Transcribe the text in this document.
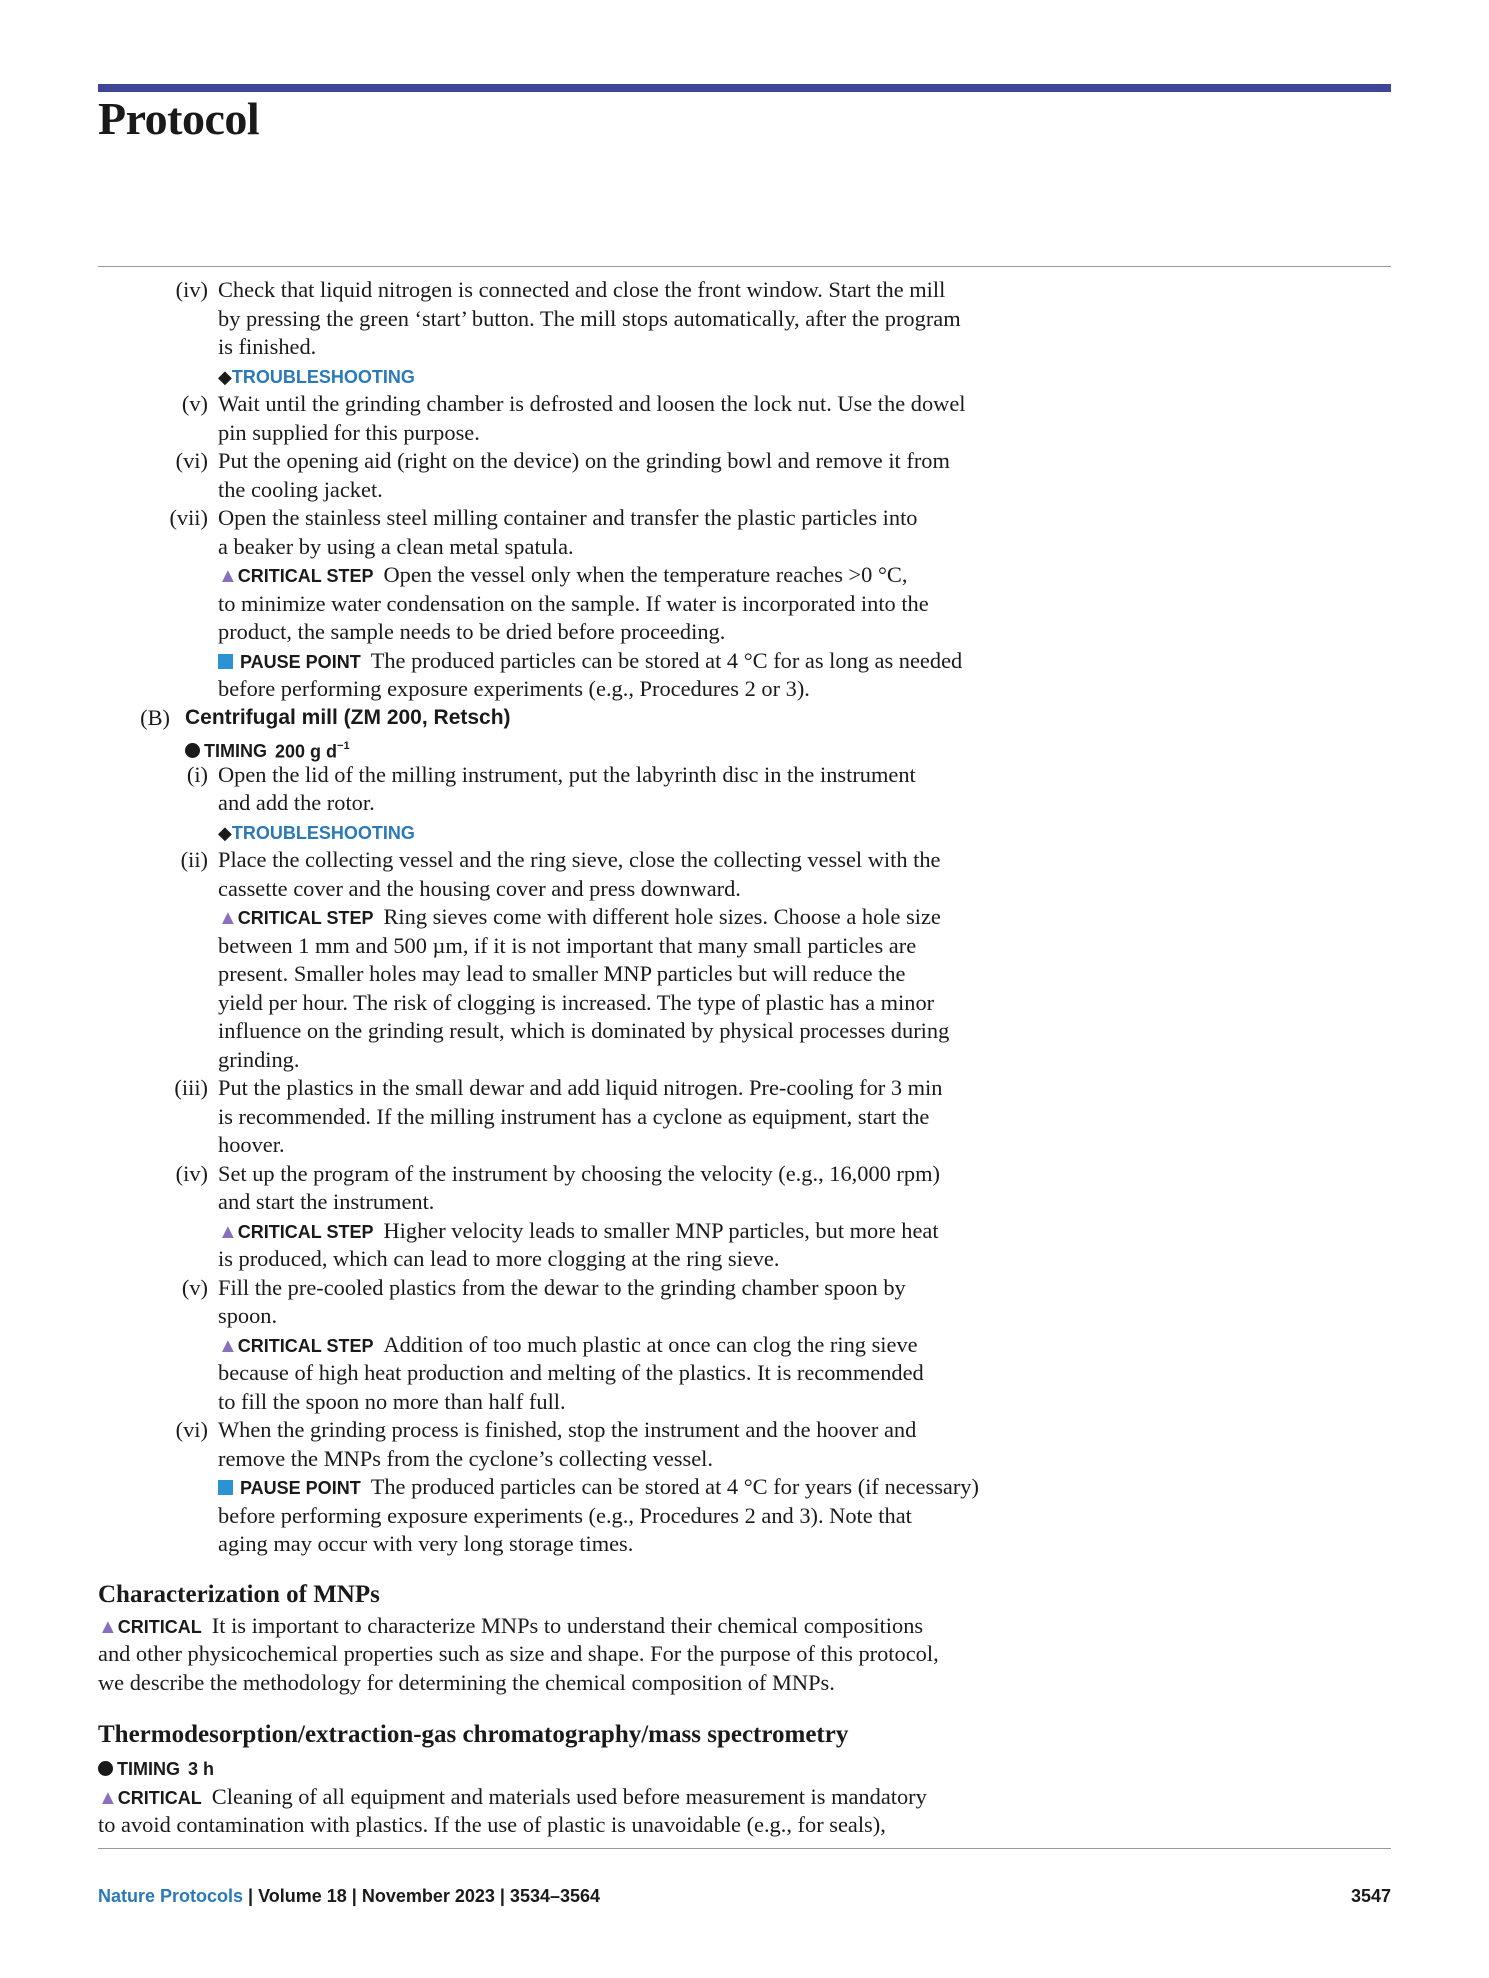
Protocol
(iv) Check that liquid nitrogen is connected and close the front window. Start the mill
by pressing the green ‘start’ button. The mill stops automatically, after the program
is finished.
◆TROUBLESHOOTING
(v) Wait until the grinding chamber is defrosted and loosen the lock nut. Use the dowel
pin supplied for this purpose.
(vi) Put the opening aid (right on the device) on the grinding bowl and remove it from
the cooling jacket.
(vii) Open the stainless steel milling container and transfer the plastic particles into
a beaker by using a clean metal spatula.
▲CRITICAL STEP Open the vessel only when the temperature reaches >0 °C,
to minimize water condensation on the sample. If water is incorporated into the
product, the sample needs to be dried before proceeding.
PAUSE POINT The produced particles can be stored at 4 °C for as long as needed
before performing exposure experiments (e.g., Procedures 2 or 3).
(B) Centrifugal mill (ZM 200, Retsch)
TIMING 200 g $d^{-1}$
(i) Open the lid of the milling instrument, put the labyrinth disc in the instrument
and add the rotor.
◆TROUBLESHOOTING
(ii) Place the collecting vessel and the ring sieve, close the collecting vessel with the
cassette cover and the housing cover and press downward.
▲CRITICAL STEP Ring sieves come with different hole sizes. Choose a hole size
between 1 mm and 500 µm, if it is not important that many small particles are
present. Smaller holes may lead to smaller MNP particles but will reduce the
yield per hour. The risk of clogging is increased. The type of plastic has a minor
influence on the grinding result, which is dominated by physical processes during
grinding.
(iii) Put the plastics in the small dewar and add liquid nitrogen. Pre-cooling for 3 min
is recommended. If the milling instrument has a cyclone as equipment, start the
hoover.
(iv) Set up the program of the instrument by choosing the velocity (e.g., 16,000 rpm)
and start the instrument.
▲CRITICAL STEP Higher velocity leads to smaller MNP particles, but more heat
is produced, which can lead to more clogging at the ring sieve.
(v) Fill the pre-cooled plastics from the dewar to the grinding chamber spoon by
spoon.
▲CRITICAL STEP Addition of too much plastic at once can clog the ring sieve
because of high heat production and melting of the plastics. It is recommended
to fill the spoon no more than half full.
(vi) When the grinding process is finished, stop the instrument and the hoover and
remove the MNPs from the cyclone’s collecting vessel.
PAUSE POINT The produced particles can be stored at 4 °C for years (if necessary)
before performing exposure experiments (e.g., Procedures 2 and 3). Note that
aging may occur with very long storage times.
Characterization of MNPs
▲CRITICAL It is important to characterize MNPs to understand their chemical compositions
and other physicochemical properties such as size and shape. For the purpose of this protocol,
we describe the methodology for determining the chemical composition of MNPs.
Thermodesorption/extraction-gas chromatography/mass spectrometry
TIMING 3 h
▲CRITICAL Cleaning of all equipment and materials used before measurement is mandatory
to avoid contamination with plastics. If the use of plastic is unavoidable (e.g., for seals),
Nature Protocols | Volume 18 | November 2023 | 3534–3564	3547
